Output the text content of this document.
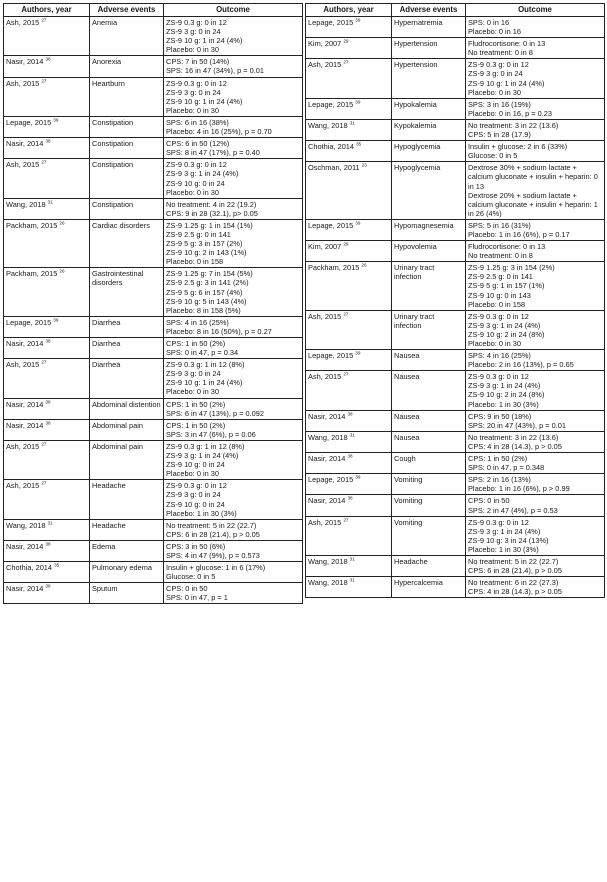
Authors, year	Adverse events	Outcome
Ash, 2015 $^{27}$	Anemia	ZS-9 0.3 g: 0 in 12
ZS-9 3 g: 0 in 24
ZS-9 10 g: 1 in 24 (4%)
Placebo: 0 in 30

Nasir, 2014 $^{38}$	Anorexia	CPS: 7 in 50 (14%)
SPS: 16 in 47 (34%), p = 0.01

Ash, 2015 $^{27}$	Heartburn	ZS-9 0.3 g: 0 in 12
ZS-9 3 g: 0 in 24
ZS-9 10 g: 1 in 24 (4%)
Placebo: 0 in 30

Lepage, 2015 $^{39}$	Constipation	SPS: 6 in 16 (38%)
Placebo: 4 in 16 (25%), p = 0.70

Nasir, 2014 $^{38}$	Constipation	CPS: 6 in 50 (12%)
SPS: 8 in 47 (17%), p = 0.40

Ash, 2015 $^{27}$	Constipation	ZS-9 0.3 g: 0 in 12
ZS-9 3 g: 1 in 24 (4%)
ZS-9 10 g: 0 in 24
Placebo: 0 in 30

Wang, 2018 $^{31}$	Constipation	No treatment: 4 in 22 (19.2)
CPS: 9 in 28 (32.1), p> 0.05

Packham, 2015 $^{26}$	Cardiac disorders	ZS-9 1.25 g: 1 in 154 (1%)
ZS-9 2.5 g: 0 in 141
ZS-9 5 g: 3 in 157 (2%)
ZS-9 10 g: 2 in 143 (1%)
Placebo: 0 in 158

Packham, 2015 $^{26}$	Gastrointestinal disorders	ZS-9 1.25 g: 7 in 154 (5%)
ZS-9 2.5 g: 3 in 141 (2%)
ZS-9 5 g: 6 in 157 (4%)
ZS-9 10 g: 5 in 143 (4%)
Placebo: 8 in 158 (5%)

Lepage, 2015 $^{39}$	Diarrhea	SPS: 4 in 16 (25%)
Placebo: 8 in 16 (50%), p = 0.27

Nasir, 2014 $^{38}$	Diarrhea	CPS: 1 in 50 (2%)
SPS: 0 in 47, p = 0.34

Ash, 2015 $^{27}$	Diarrhea	ZS-9 0.3 g: 1 in 12 (8%)
ZS-9 3 g: 0 in 24
ZS-9 10 g: 1 in 24 (4%)
Placebo: 0 in 30

Nasir, 2014 $^{38}$	Abdominal distention	CPS: 1 in 50 (2%)
SPS: 6 in 47 (13%), p = 0.092

Nasir, 2014 $^{38}$	Abdominal pain	CPS: 1 in 50 (2%)
SPS: 3 in 47 (6%), p = 0.06

Ash, 2015 $^{27}$	Abdominal pain	ZS-9 0.3 g: 1 in 12 (8%)
ZS-9 3 g: 1 in 24 (4%)
ZS-9 10 g: 0 in 24
Placebo: 0 in 30

Ash, 2015 $^{27}$	Headache	ZS-9 0.3 g: 0 in 12
ZS-9 3 g: 0 in 24
ZS-9 10 g: 0 in 24
Placebo: 1 in 30 (3%)

Wang, 2018 $^{31}$	Headache	No treatment: 5 in 22 (22.7)
CPS: 6 in 28 (21.4), p > 0.05

Nasir, 2014 $^{38}$	Edema	CPS: 3 in 50 (6%)
SPS: 4 in 47 (9%), p = 0.573

Chothia, 2014 $^{35}$	Pulmonary edema	Insulin + glucose: 1 in 6 (17%)
Glucose: 0 in 5

Nasir, 2014 $^{38}$	Sputum	CPS: 0 in 50
SPS: 0 in 47, p = 1
Authors, year	Adverse events	Outcome
Lepage, 2015 $^{39}$	Hypernatremia	SPS: 0 in 16
Placebo: 0 in 16

Kim, 2007 $^{29}$	Hypertension	Fludrocortisone: 0 in 13
No treatment: 0 in 8

Ash, 2015 $^{27}$	Hypertension	ZS-9 0.3 g: 0 in 12
ZS-9 3 g: 0 in 24
ZS-9 10 g: 1 in 24 (4%)
Placebo: 0 in 30

Lepage, 2015 $^{39}$	Hypokalemia	SPS: 3 in 16 (19%)
Placebo: 0 in 16, p = 0.23

Wang, 2018 $^{31}$	Kypokalemia	No treatment: 3 in 22 (13.6)
CPS: 5 in 28 (17.9)

Chothia, 2014 $^{35}$	Hypoglycemia	Insulin + glucose: 2 in 6 (33%)
Glucose: 0 in 5

Oschman, 2011 $^{23}$	Hypoglycemia	Dextrose 30% + sodium lactate + calcium gluconate + insulin + heparin: 0 in 13
Dextrose 20% + sodium lactate + calcium gluconate + insulin + heparin: 1 in 26 (4%)

Lepage, 2015 $^{39}$	Hypomagnesemia	SPS: 5 in 16 (31%)
Placebo: 1 in 16 (6%), p = 0.17

Kim, 2007 $^{29}$	Hypovolemia	Fludrocortisone: 0 in 13
No treatment: 0 in 8

Packham, 2015 $^{26}$	Urinary tract infection	ZS-9 1.25 g: 3 in 154 (2%)
ZS-9 2.5 g: 0 in 141
ZS-9 5 g: 1 in 157 (1%)
ZS-9 10 g: 0 in 143
Placebo: 0 in 158

Ash, 2015 $^{27}$	Urinary tract infection	ZS-9 0.3 g: 0 in 12
ZS-9 3 g: 1 in 24 (4%)
ZS-9 10 g: 2 in 24 (8%)
Placebo: 0 in 30

Lepage, 2015 $^{39}$	Nausea	SPS: 4 in 16 (25%)
Placebo: 2 in 16 (13%), p = 0.65

Ash, 2015 $^{27}$	Nausea	ZS-9 0.3 g: 0 in 12
ZS-9 3 g: 1 in 24 (4%)
ZS-9 10 g: 2 in 24 (8%)
Placebo: 1 in 30 (3%)

Nasir, 2014 $^{38}$	Nausea	CPS: 9 in 50 (18%)
SPS: 20 in 47 (43%), p = 0.01

Wang, 2018 $^{31}$	Nausea	No treatment: 3 in 22 (13.6)
CPS: 4 in 28 (14.3), p > 0.05

Nasir, 2014 $^{38}$	Cough	CPS: 1 in 50 (2%)
SPS: 0 in 47, p = 0.348

Lepage, 2015 $^{39}$	Vomiting	SPS: 2 in 16 (13%)
Placebo: 1 in 16 (6%), p > 0.99

Nasir, 2014 $^{38}$	Vomiting	CPS: 0 in 50
SPS: 2 in 47 (4%), p = 0.53

Ash, 2015 $^{27}$	Vomiting	ZS-9 0.3 g: 0 in 12
ZS-9 3 g: 1 in 24 (4%)
ZS-9 10 g: 3 in 24 (13%)
Placebo: 1 in 30 (3%)

Wang, 2018 $^{31}$	Headache	No treatment: 5 in 22 (22.7)
CPS: 6 in 28 (21.4), p > 0.05

Wang, 2018 $^{31}$	Hypercalcemia	No treatment: 6 in 22 (27.3)
CPS: 4 in 28 (14.3), p > 0.05
